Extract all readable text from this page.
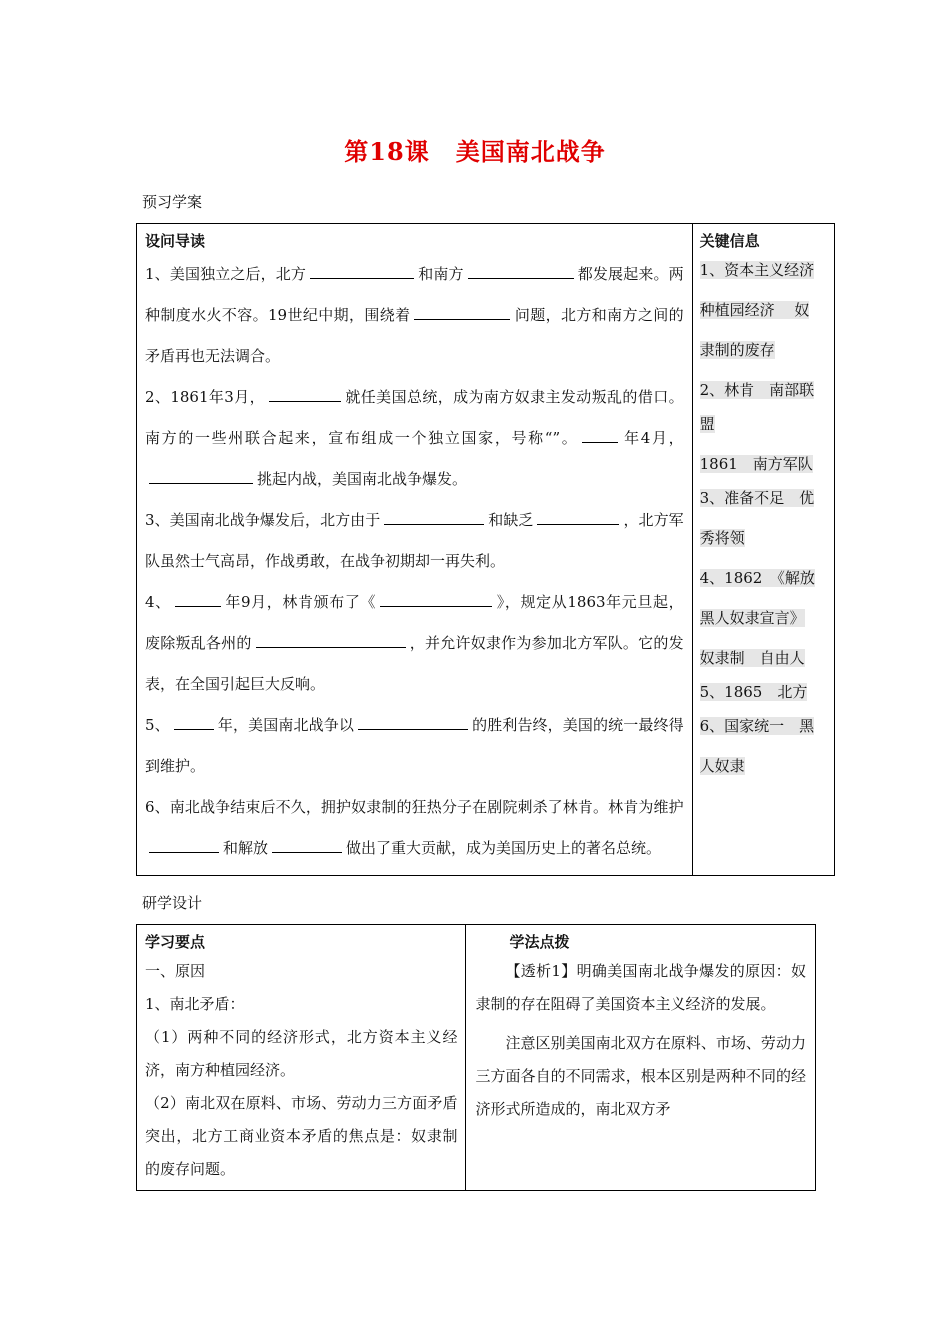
第18课 美国南北战争
预习学案
设问导读
1、美国独立之后，北方	和南方	都发展起来。两种制度水火不容。19世纪中期，围绕着	问题，北方和南方之间的矛盾再也无法调合。
2、1861年3月，	就任美国总统，成为南方奴隶主发动叛乱的借口。南方的一些州联合起来，宣布组成一个独立国家，号称“”。	年4月，挑起内战，美国南北战争爆发。
3、美国南北战争爆发后，北方由于	和缺乏	，北方军队虽然士气高昂，作战勇敢，在战争初期却一再失利。
4、	年9月，林肯颁布了《	》，规定从1863年元旦起，废除叛乱各州的	，并允许奴隶作为参加北方军队。它的发表，在全国引起巨大反响。
5、	年，美国南北战争以	的胜利告终，美国的统一最终得到维护。
6、南北战争结束后不久，拥护奴隶制的狂热分子在剧院刺杀了林肯。林肯为维护和解放	做出了重大贡献，成为美国历史上的著名总统。

关键信息

1、资本主义经济

种植园经济　 奴

隶制的废存

2、林肯　南部联

盟

1861　南方军队

3、准备不足　优

秀将领

4、1862　《解放

黑人奴隶宣言》

奴隶制　自由人

5、1865　北方

6、国家统一　黑

人奴隶

研学设计
学习要点
一、原因
1、南北矛盾：
（1）两种不同的经济形式，北方资本主义经济，南方种植园经济。
（2）南北双在原料、市场、劳动力三方面矛盾突出，北方工商业资本矛盾的焦点是：奴隶制的废存问题。

学法点拨
【透析1】明确美国南北战争爆发的原因：奴隶制的存在阻碍了美国资本主义经济的发展。
注意区别美国南北双方在原料、市场、劳动力三方面各自的不同需求，根本区别是两种不同的经济形式所造成的，南北双方矛
